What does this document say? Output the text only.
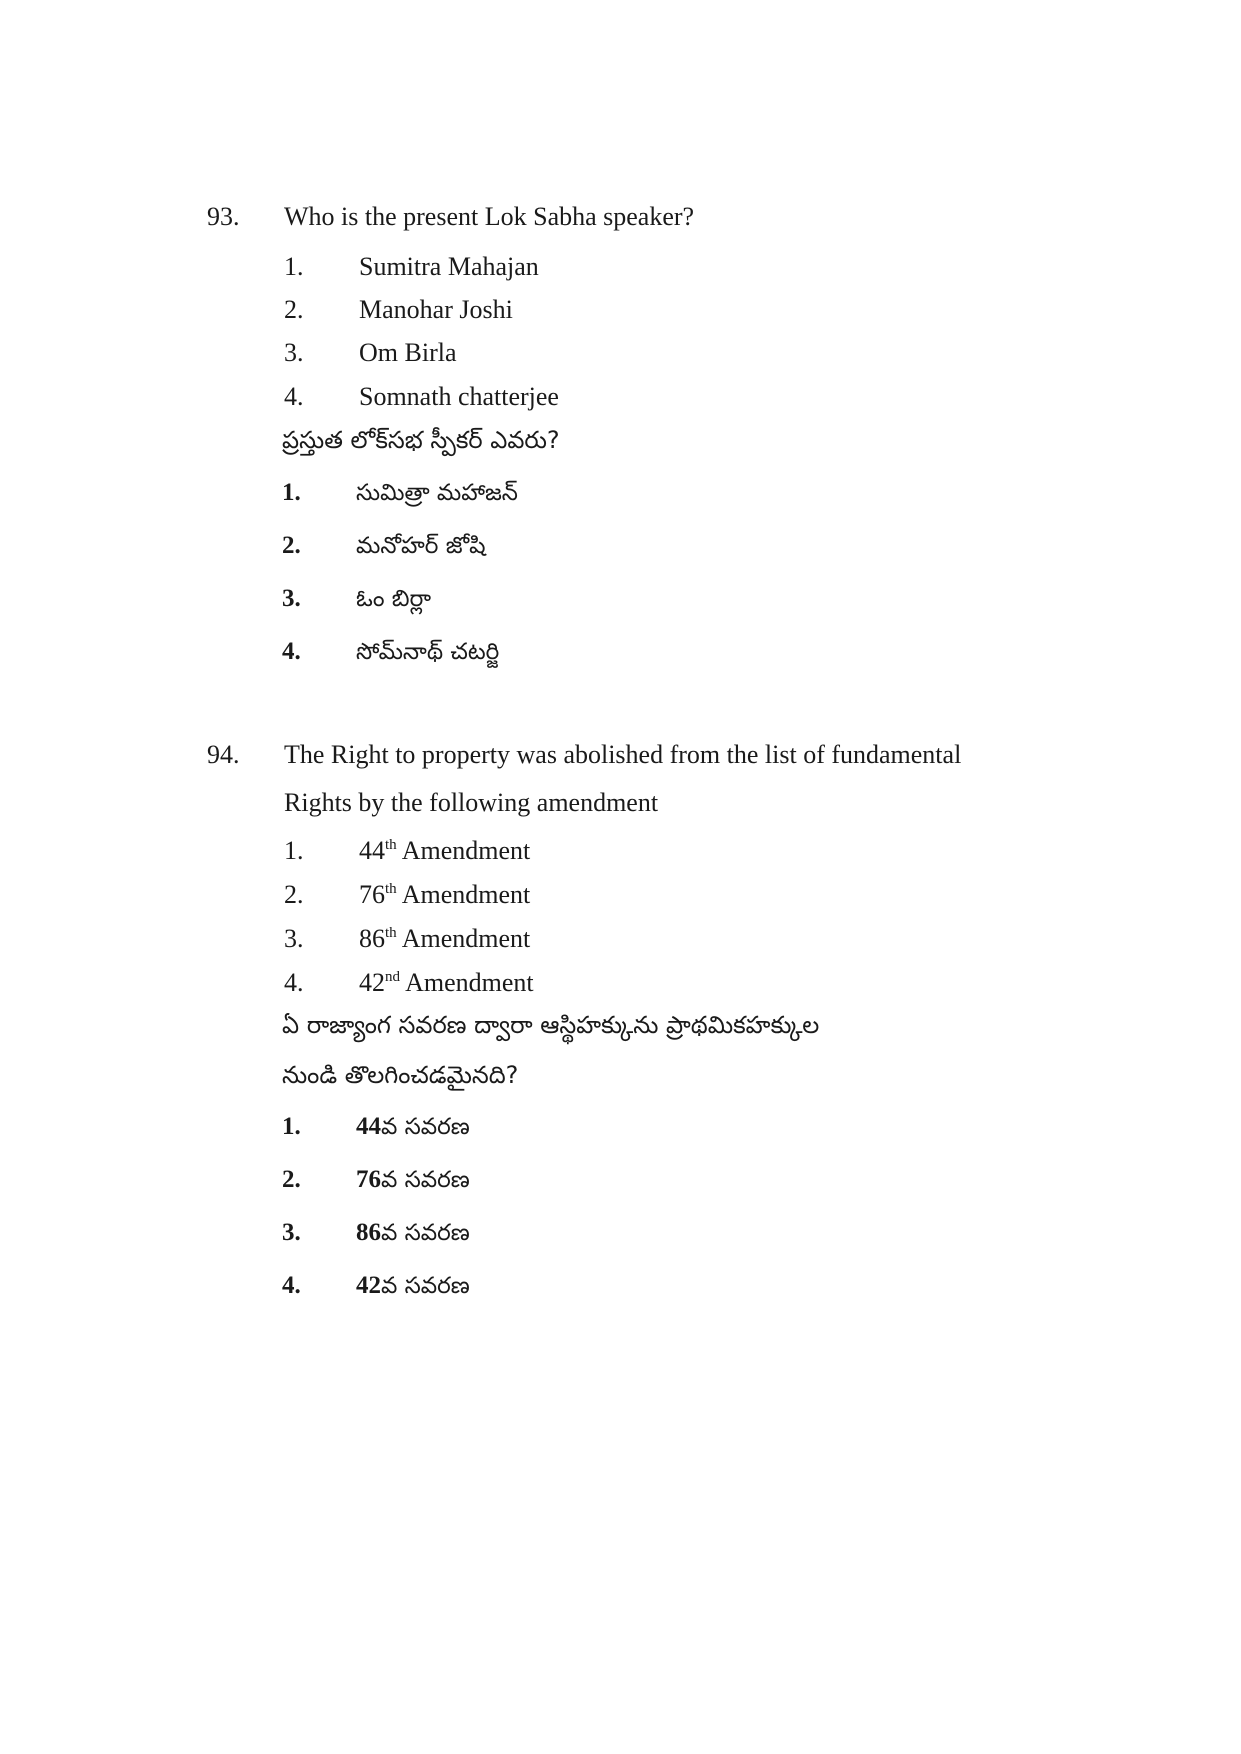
93. Who is the present Lok Sabha speaker?
1. Sumitra Mahajan
2. Manohar Joshi
3. Om Birla
4. Somnath chatterjee
ప్రస్తుత లోక్‌సభ స్పీకర్ ఎవరు?
1. సుమిత్రా మహాజన్
2. మనోహర్ జోషి
3. ఓం బిర్లా
4. సోమ్‌నాథ్ చటర్జి
94. The Right to property was abolished from the list of fundamental
Rights by the following amendment
1. 44th Amendment
2. 76th Amendment
3. 86th Amendment
4. 42nd Amendment
ఏ రాజ్యాంగ సవరణ ద్వారా ఆస్థిహక్కును ప్రాథమికహక్కుల
నుండి తొలగించడమైనది?
1. 44వ సవరణ
2. 76వ సవరణ
3. 86వ సవరణ
4. 42వ సవరణ
